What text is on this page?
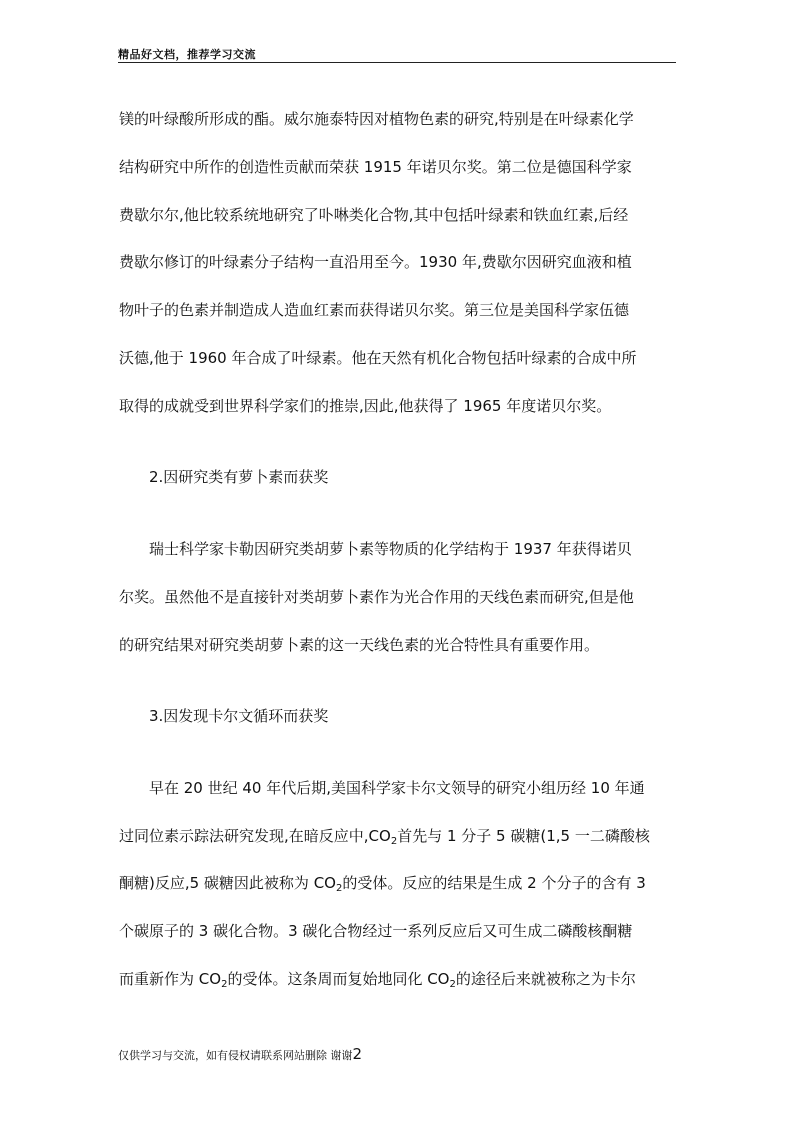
精品好文档，推荐学习交流
镁的叶绿酸所形成的酯。威尔施泰特因对植物色素的研究,特别是在叶绿素化学
结构研究中所作的创造性贡献而荣获 1915 年诺贝尔奖。第二位是德国科学家
费歇尔尔,他比较系统地研究了卟啉类化合物,其中包括叶绿素和铁血红素,后经
费歇尔修订的叶绿素分子结构一直沿用至今。1930 年,费歇尔因研究血液和植
物叶子的色素并制造成人造血红素而获得诺贝尔奖。第三位是美国科学家伍德
沃德,他于 1960 年合成了叶绿素。他在天然有机化合物包括叶绿素的合成中所
取得的成就受到世界科学家们的推崇,因此,他获得了 1965 年度诺贝尔奖。
2.因研究类有萝卜素而获奖
瑞士科学家卡勒因研究类胡萝卜素等物质的化学结构于 1937 年获得诺贝
尔奖。虽然他不是直接针对类胡萝卜素作为光合作用的天线色素而研究,但是他
的研究结果对研究类胡萝卜素的这一天线色素的光合特性具有重要作用。
3.因发现卡尔文循环而获奖
早在 20 世纪 40 年代后期,美国科学家卡尔文领导的研究小组历经 10 年通
过同位素示踪法研究发现,在暗反应中$,CO_2$首先与 1 分子 5 碳糖(1,5 一二磷酸核
酮糖)反应,5 碳糖因此被称为 $CO_2$的受体。反应的结果是生成 2 个分子的含有 3
个碳原子的 3 碳化合物。3 碳化合物经过一系列反应后又可生成二磷酸核酮糖
而重新作为 $CO_2$的受体。这条周而复始地同化 $CO_2$的途径后来就被称之为卡尔
仅供学习与交流，如有侵权请联系网站删除 谢谢2
